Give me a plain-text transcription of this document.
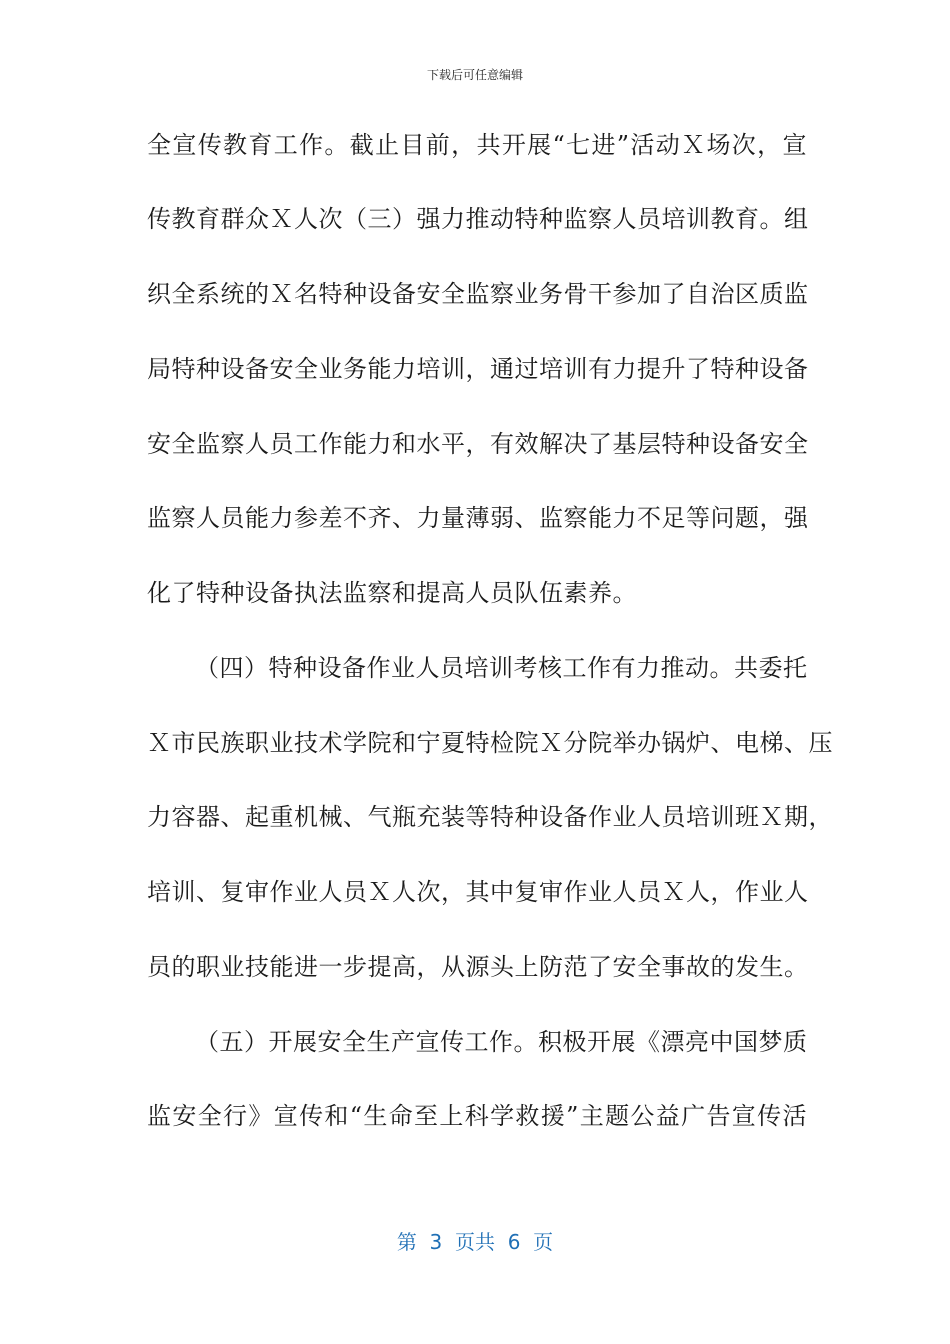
下载后可任意编辑
全宣传教育工作。截止目前，共开展“七进”活动Ｘ场次，宣
传教育群众Ｘ人次（三）强力推动特种监察人员培训教育。组
织全系统的Ｘ名特种设备安全监察业务骨干参加了自治区质监
局特种设备安全业务能力培训，通过培训有力提升了特种设备
安全监察人员工作能力和水平，有效解决了基层特种设备安全
监察人员能力参差不齐、力量薄弱、监察能力不足等问题，强
化了特种设备执法监察和提高人员队伍素养。
（四）特种设备作业人员培训考核工作有力推动。共委托
Ｘ市民族职业技术学院和宁夏特检院Ｘ分院举办锅炉、电梯、压
力容器、起重机械、气瓶充装等特种设备作业人员培训班Ｘ期，
培训、复审作业人员Ｘ人次，其中复审作业人员Ｘ人，作业人
员的职业技能进一步提高，从源头上防范了安全事故的发生。
（五）开展安全生产宣传工作。积极开展《漂亮中国梦质
监安全行》宣传和“生命至上科学救援”主题公益广告宣传活
第  3  页共  6  页
